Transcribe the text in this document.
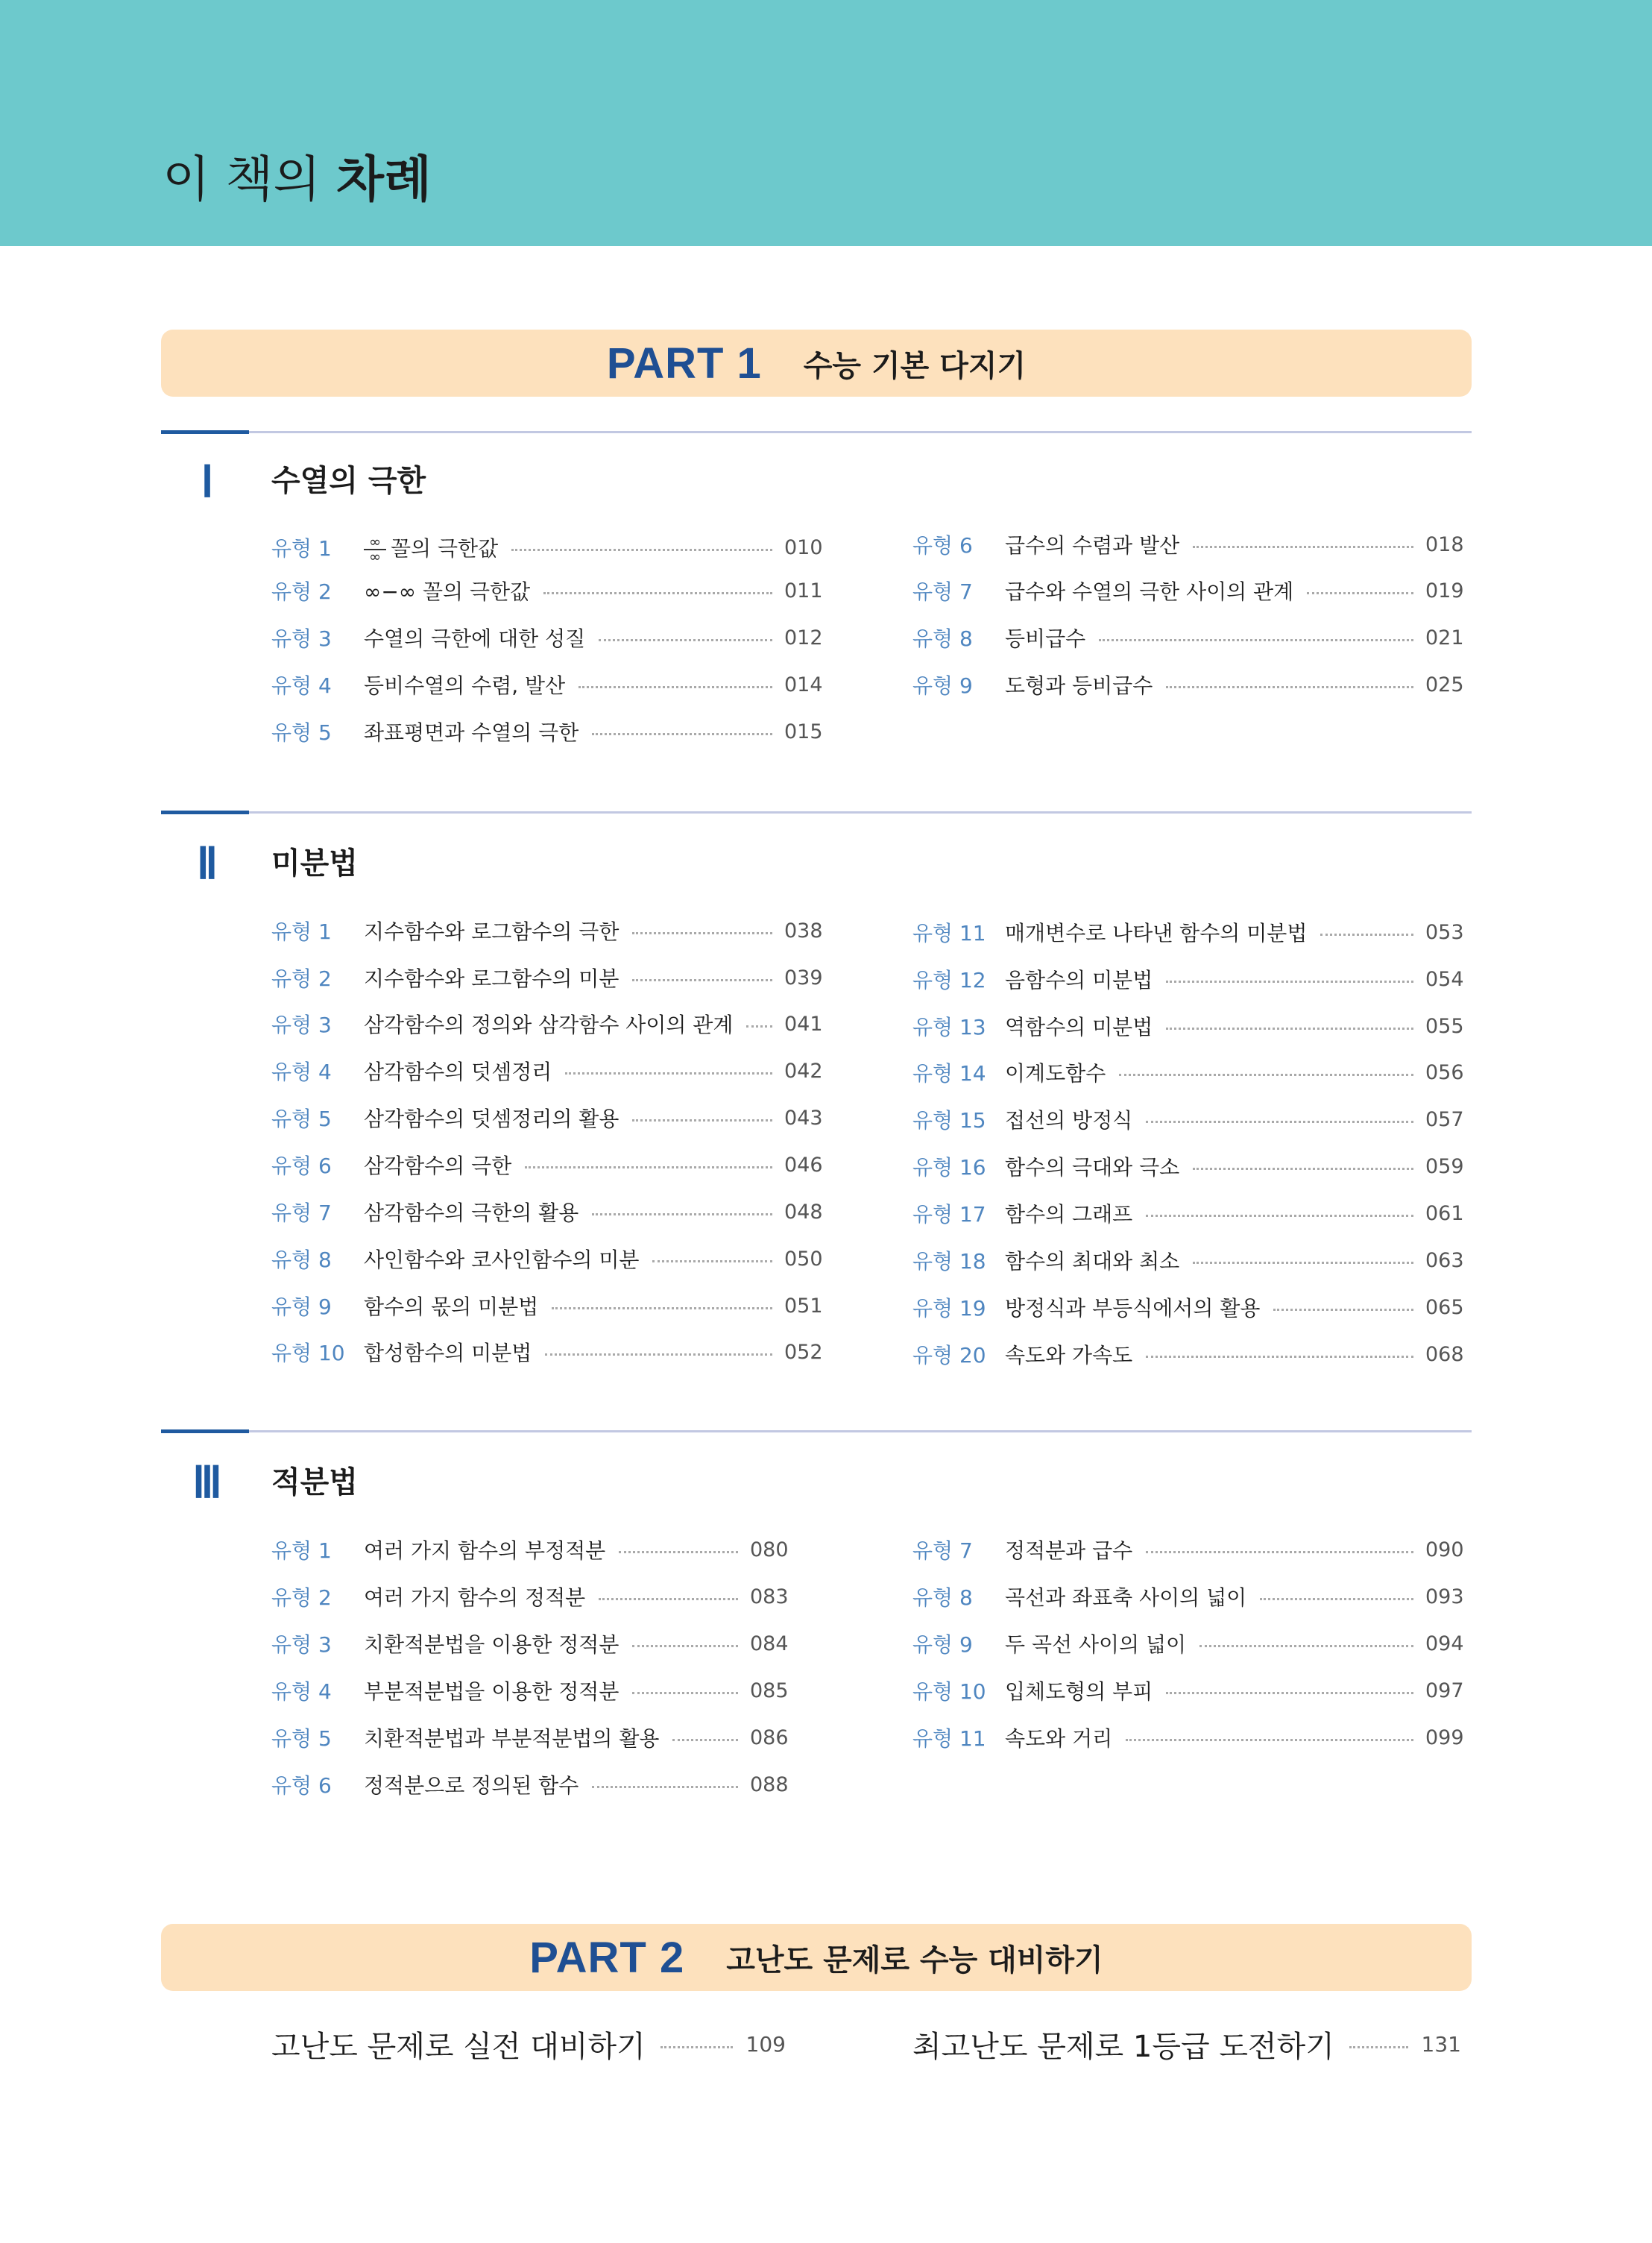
이 책의 차례
PART 1 수능 기본 다지기
Ⅰ 수열의 극한
유형 1	$\frac{\infty}{\infty}$ 꼴의 극한값	010
유형 2	∞−∞ 꼴의 극한값	011
유형 3	수열의 극한에 대한 성질	012
유형 4	등비수열의 수렴, 발산	014
유형 5	좌표평면과 수열의 극한	015
유형 6	급수의 수렴과 발산	018
유형 7	급수와 수열의 극한 사이의 관계	019
유형 8	등비급수	021
유형 9	도형과 등비급수	025
Ⅱ 미분법
유형 1	지수함수와 로그함수의 극한	038
유형 2	지수함수와 로그함수의 미분	039
유형 3	삼각함수의 정의와 삼각함수 사이의 관계	041
유형 4	삼각함수의 덧셈정리	042
유형 5	삼각함수의 덧셈정리의 활용	043
유형 6	삼각함수의 극한	046
유형 7	삼각함수의 극한의 활용	048
유형 8	사인함수와 코사인함수의 미분	050
유형 9	함수의 몫의 미분법	051
유형 10 합성함수의 미분법	052
유형 11 매개변수로 나타낸 함수의 미분법	053
유형 12 음함수의 미분법	054
유형 13 역함수의 미분법	055
유형 14 이계도함수	056
유형 15 접선의 방정식	057
유형 16 함수의 극대와 극소	059
유형 17 함수의 그래프	061
유형 18 함수의 최대와 최소	063
유형 19 방정식과 부등식에서의 활용	065
유형 20 속도와 가속도	068
Ⅲ 적분법
유형 1	여러 가지 함수의 부정적분	080
유형 2	여러 가지 함수의 정적분	083
유형 3	치환적분법을 이용한 정적분	084
유형 4	부분적분법을 이용한 정적분	085
유형 5	치환적분법과 부분적분법의 활용	086
유형 6	정적분으로 정의된 함수	088
유형 7	정적분과 급수	090
유형 8	곡선과 좌표축 사이의 넓이	093
유형 9	두 곡선 사이의 넓이	094
유형 10 입체도형의 부피	097
유형 11 속도와 거리	099
PART 2 고난도 문제로 수능 대비하기
고난도 문제로 실전 대비하기	109	최고난도 문제로 1등급 도전하기	131
